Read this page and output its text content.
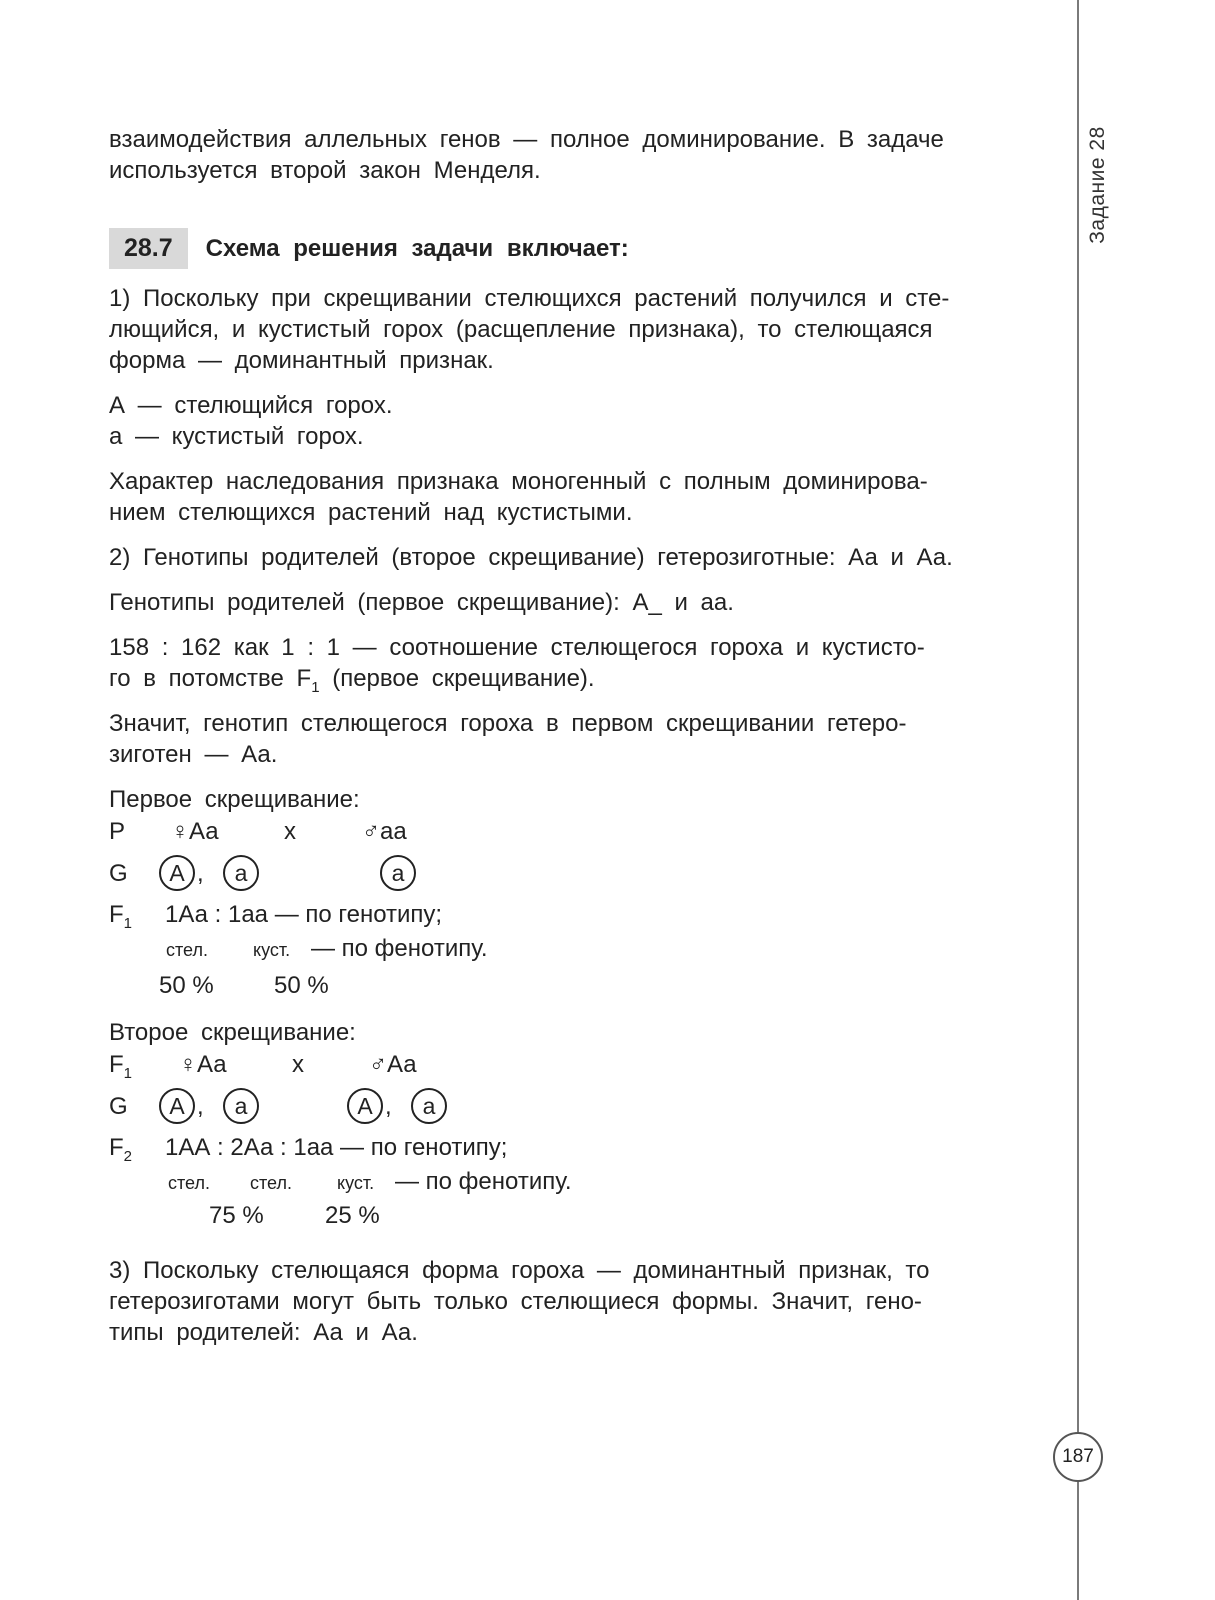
Задание 28
187
взаимодействия аллельных генов — полное доминирование. В задаче
используется второй закон Менделя.
28.7	Схема решения задачи включает:
1) Поскольку при скрещивании стелющихся растений получился и сте-
лющийся, и кустистый горох (расщепление признака), то стелющаяся
форма — доминантный признак.
А — стелющийся горох.
а — кустистый горох.
Характер наследования признака моногенный с полным доминирова-
нием стелющихся растений над кустистыми.
2) Генотипы родителей (второе скрещивание) гетерозиготные: Аа и Аа.
Генотипы родителей (первое скрещивание): А_ и аа.
158 : 162 как 1 : 1 — соотношение стелющегося гороха и кустисто-
го в потомстве $F_1$ (первое скрещивание).
Значит, генотип стелющегося гороха в первом скрещивании гетеро-
зиготен — Аа.
Первое скрещивание:
P ♀Аа	x	♂аа
G	А ,	а	а
$F_1$ 1Аа : 1аа — по генотипу;
стел.	куст. — по фенотипу.
50 %	50 %
Второе скрещивание:
$F_1$ ♀Аа	x	♂Аа
G	А ,	а	А ,	а
$F_2$ 1АА : 2Аа : 1аа — по генотипу;
стел. стел.	куст. — по фенотипу.
75 %	25 %
3) Поскольку стелющаяся форма гороха — доминантный признак, то
гетерозиготами могут быть только стелющиеся формы. Значит, гено-
типы родителей: Аа и Аа.
